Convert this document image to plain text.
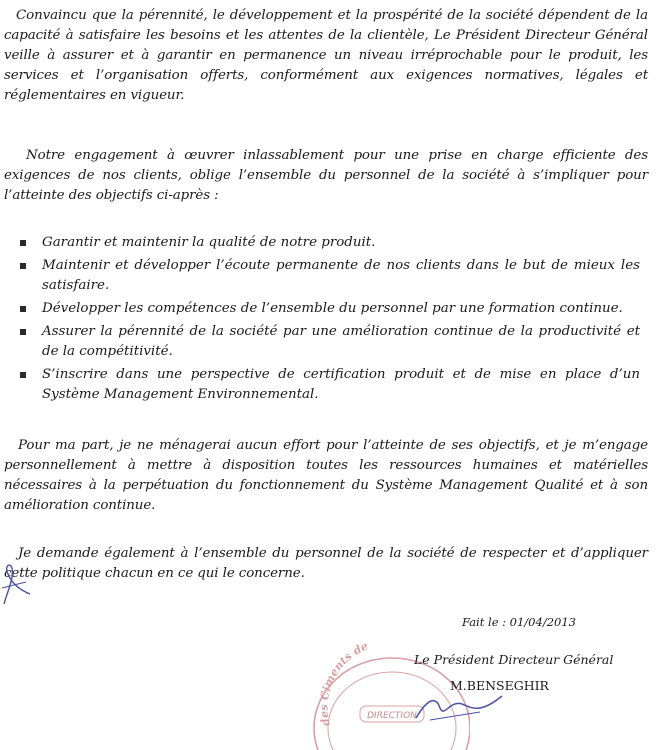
Convaincu que la pérennité, le développement et la prospérité de la société dépendent de la capacité à satisfaire les besoins et les attentes de la clientèle, Le Président Directeur Général veille à assurer et à garantir en permanence un niveau irréprochable pour le produit, les services et l’organisation offerts, conformément aux exigences normatives, légales et réglementaires en vigueur.

Notre engagement à œuvrer inlassablement pour une prise en charge efficiente des exigences de nos clients, oblige l’ensemble du personnel de la société à s’impliquer pour l’atteinte des objectifs ci-après :

Garantir et maintenir la qualité de notre produit.
Maintenir et développer l’écoute permanente de nos clients dans le but de mieux les satisfaire.
Développer les compétences de l’ensemble du personnel par une formation continue.
Assurer la pérennité de la société par une amélioration continue de la productivité et de la compétitivité.
S’inscrire dans une perspective de certification produit et de mise en place d’un Système Management Environnemental.

Pour ma part, je ne ménagerai aucun effort pour l’atteinte de ses objectifs, et je m’engage personnellement à mettre à disposition toutes les ressources humaines et matérielles nécessaires à la perpétuation du fonctionnement du Système Management Qualité et à son amélioration continue.

Je demande également à l’ensemble du personnel de la société de respecter et d’appliquer cette politique chacun en ce qui le concerne.

des Ciments de
DIRECTION
Fait le : 01/04/2013
Le Président Directeur Général
M.BENSEGHIR
